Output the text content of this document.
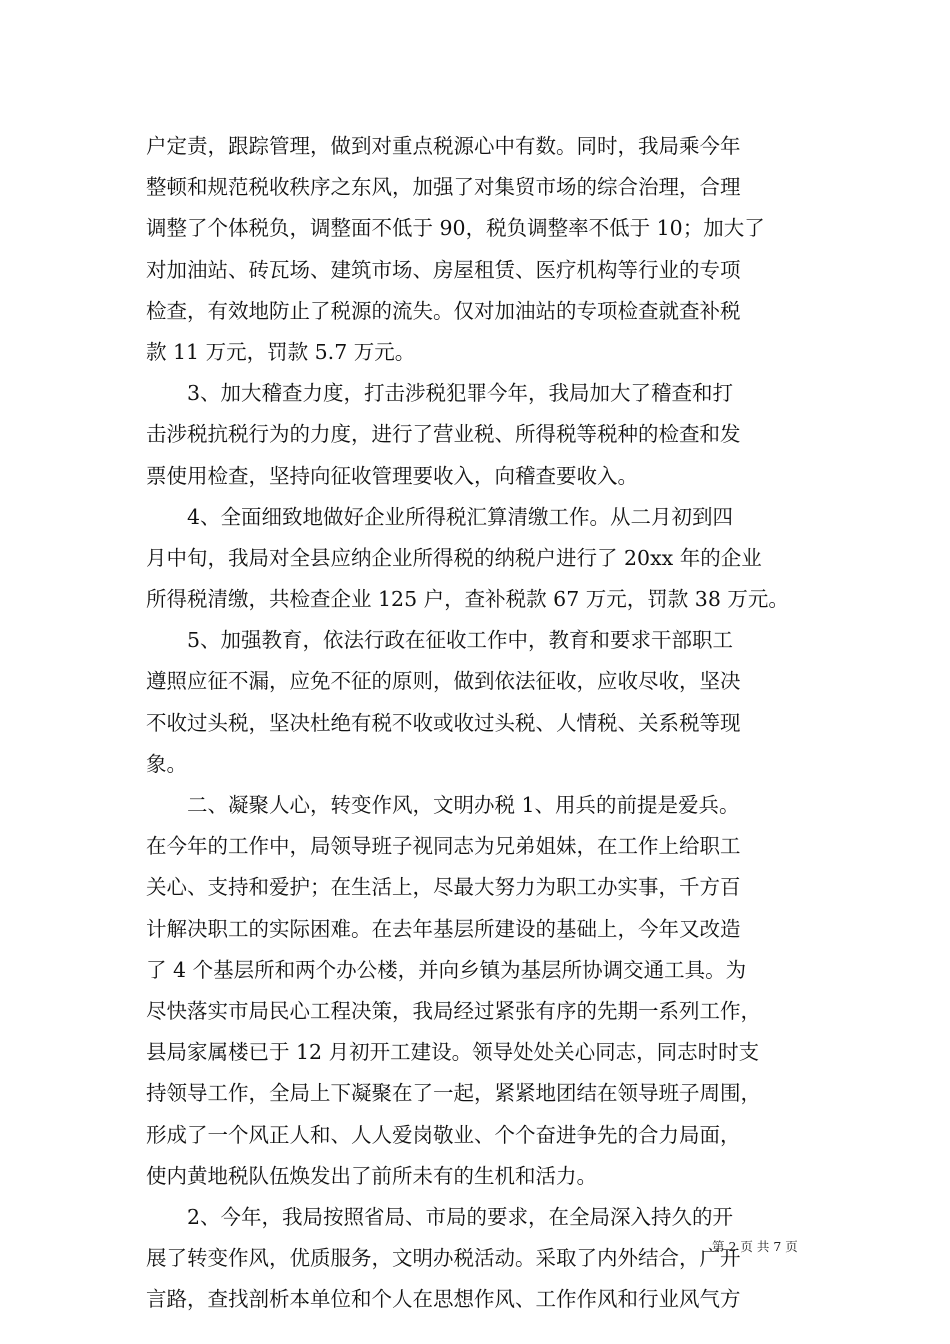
户定责，跟踪管理，做到对重点税源心中有数。同时，我局乘今年
整顿和规范税收秩序之东风，加强了对集贸市场的综合治理，合理
调整了个体税负，调整面不低于 90，税负调整率不低于 10；加大了
对加油站、砖瓦场、建筑市场、房屋租赁、医疗机构等行业的专项
检查，有效地防止了税源的流失。仅对加油站的专项检查就查补税
款 11 万元，罚款 5.7 万元。
　　3、加大稽查力度，打击涉税犯罪今年，我局加大了稽查和打
击涉税抗税行为的力度，进行了营业税、所得税等税种的检查和发
票使用检查，坚持向征收管理要收入，向稽查要收入。
　　4、全面细致地做好企业所得税汇算清缴工作。从二月初到四
月中旬，我局对全县应纳企业所得税的纳税户进行了 20xx 年的企业
所得税清缴，共检查企业 125 户，查补税款 67 万元，罚款 38 万元。
　　5、加强教育，依法行政在征收工作中，教育和要求干部职工
遵照应征不漏，应免不征的原则，做到依法征收，应收尽收，坚决
不收过头税，坚决杜绝有税不收或收过头税、人情税、关系税等现
象。
　　二、凝聚人心，转变作风，文明办税 1、用兵的前提是爱兵。
在今年的工作中，局领导班子视同志为兄弟姐妹，在工作上给职工
关心、支持和爱护；在生活上，尽最大努力为职工办实事，千方百
计解决职工的实际困难。在去年基层所建设的基础上，今年又改造
了 4 个基层所和两个办公楼，并向乡镇为基层所协调交通工具。为
尽快落实市局民心工程决策，我局经过紧张有序的先期一系列工作，
县局家属楼已于 12 月初开工建设。领导处处关心同志，同志时时支
持领导工作，全局上下凝聚在了一起，紧紧地团结在领导班子周围，
形成了一个风正人和、人人爱岗敬业、个个奋进争先的合力局面，
使内黄地税队伍焕发出了前所未有的生机和活力。
　　2、今年，我局按照省局、市局的要求，在全局深入持久的开
展了转变作风，优质服务，文明办税活动。采取了内外结合，广开
言路，查找剖析本单位和个人在思想作风、工作作风和行业风气方
第 2 页 共 7 页
